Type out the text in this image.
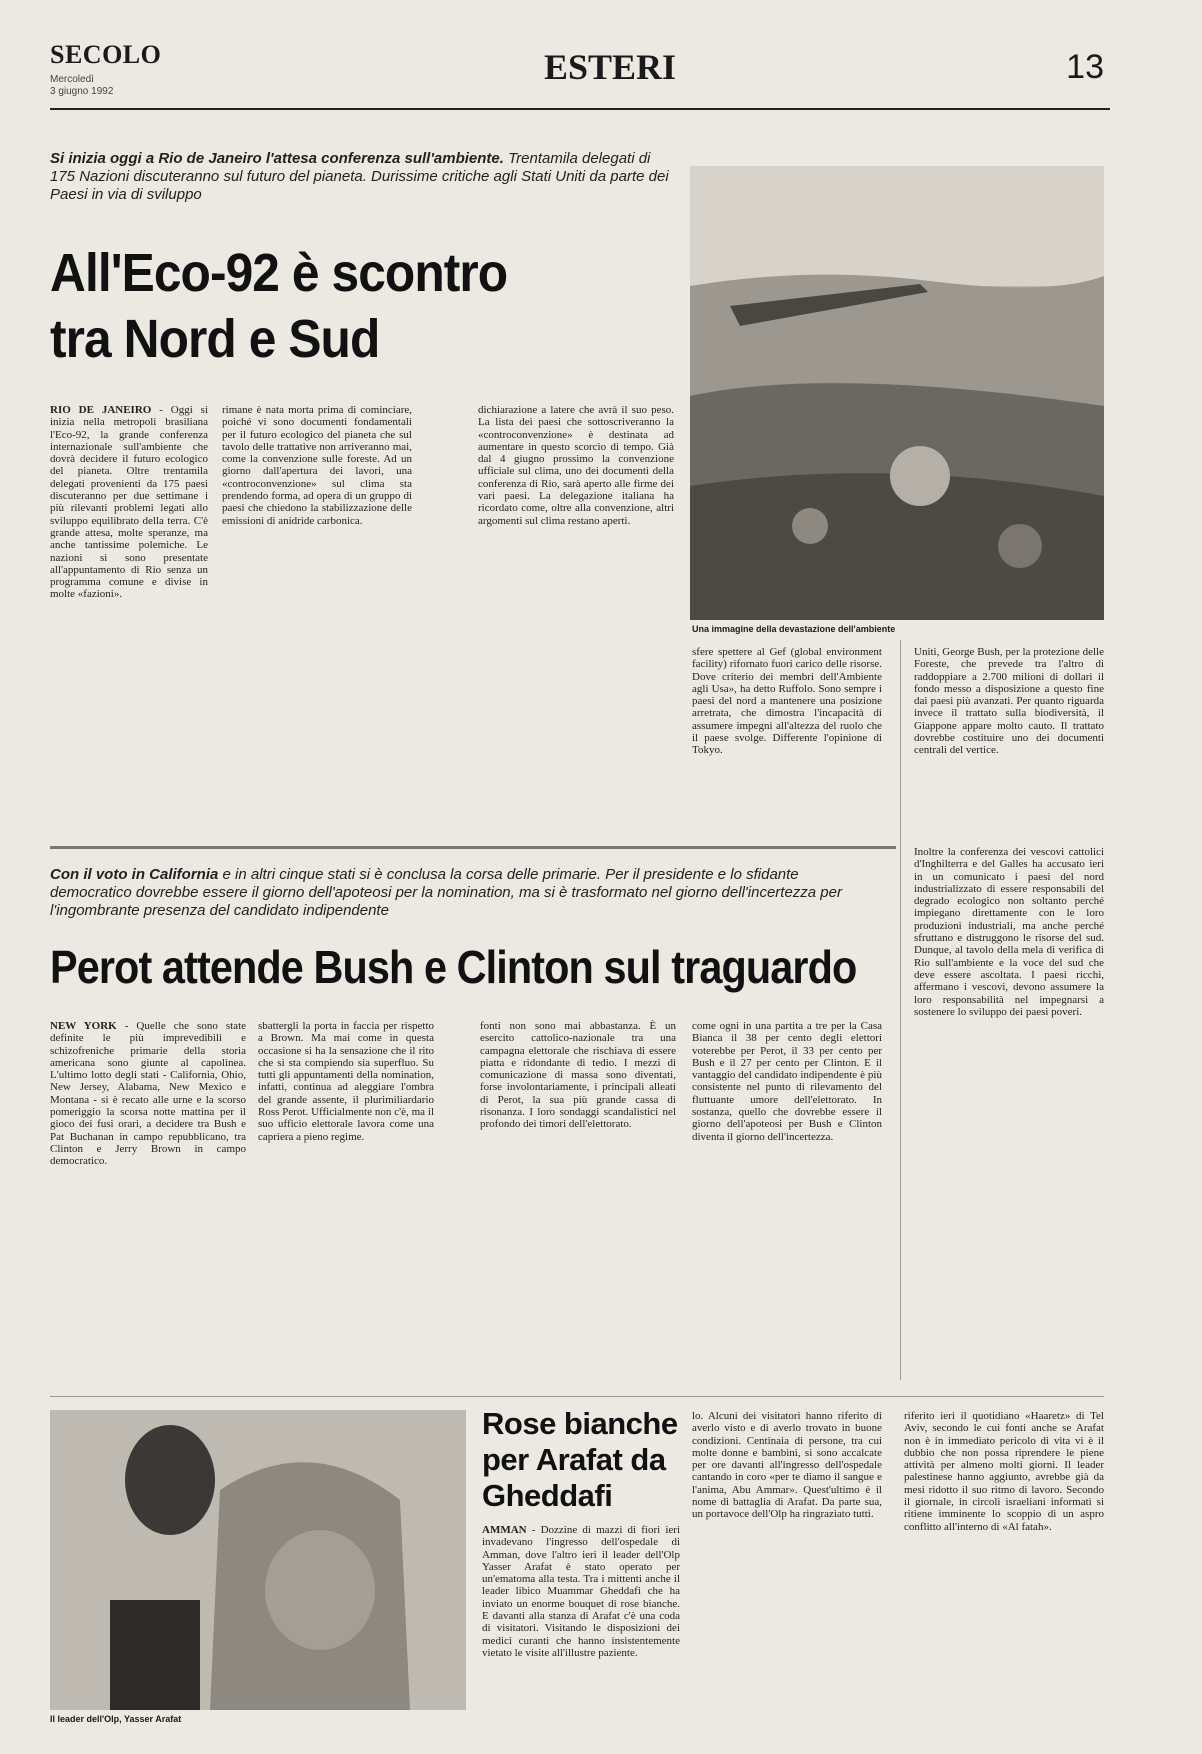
SECOLO
Mercoledì
3 giugno 1992
ESTERI	13
Si inizia oggi a Rio de Janeiro l'attesa conferenza sull'ambiente. Trentamila delegati di 175 Nazioni discuteranno sul futuro del pianeta. Durissime critiche agli Stati Uniti da parte dei Paesi in via di sviluppo
All'Eco-92 è scontro
tra Nord e Sud
Una immagine della devastazione dell'ambiente
RIO DE JANEIRO - Oggi si inizia nella metropoli brasiliana l'Eco-92, la grande conferenza internazionale sull'ambiente che dovrà decidere il futuro ecologico del pianeta. Oltre trentamila delegati provenienti da 175 paesi discuteranno per due settimane i più rilevanti problemi legati allo sviluppo equilibrato della terra. C'è grande attesa, molte speranze, ma anche tantissime polemiche. Le nazioni si sono presentate all'appuntamento di Rio senza un programma comune e divise in molte «fazioni».
rimane è nata morta prima di cominciare, poiché vi sono documenti fondamentali per il futuro ecologico del pianeta che sul tavolo delle trattative non arriveranno mai, come la convenzione sulle foreste. Ad un giorno dall'apertura dei lavori, una «controconvenzione» sul clima sta prendendo forma, ad opera di un gruppo di paesi che chiedono la stabilizzazione delle emissioni di anidride carbonica.
dichiarazione a latere che avrà il suo peso. La lista dei paesi che sottoscriveranno la «controconvenzione» è destinata ad aumentare in questo scorcio di tempo. Già dal 4 giugno prossimo la convenzione ufficiale sul clima, uno dei documenti della conferenza di Rio, sarà aperto alle firme dei vari paesi. La delegazione italiana ha ricordato come, oltre alla convenzione, altri argomenti sul clima restano aperti.
sfere spettere al Gef (global environment facility) rifornato fuori carico delle risorse. Dove criterio dei membri dell'Ambiente agli Usa», ha detto Ruffolo. Sono sempre i paesi del nord a mantenere una posizione arretrata, che dimostra l'incapacità di assumere impegni all'altezza del ruolo che il paese svolge. Differente l'opinione di Tokyo.
Uniti, George Bush, per la protezione delle Foreste, che prevede tra l'altro di raddoppiare a 2.700 milioni di dollari il fondo messo a disposizione a questo fine dai paesi più avanzati. Per quanto riguarda invece il trattato sulla biodiversità, il Giappone appare molto cauto. Il trattato dovrebbe costituire uno dei documenti centrali del vertice.
Con il voto in California e in altri cinque stati si è conclusa la corsa delle primarie. Per il presidente e lo sfidante democratico dovrebbe essere il giorno dell'apoteosi per la nomination, ma si è trasformato nel giorno dell'incertezza per l'ingombrante presenza del candidato indipendente
Perot attende Bush e Clinton sul traguardo
NEW YORK - Quelle che sono state definite le più imprevedibili e schizofreniche primarie della storia americana sono giunte al capolinea. L'ultimo lotto degli stati - California, Ohio, New Jersey, Alabama, New Mexico e Montana - si è recato alle urne e la scorso pomeriggio la scorsa notte mattina per il gioco dei fusi orari, a decidere tra Bush e Pat Buchanan in campo repubblicano, tra Clinton e Jerry Brown in campo democratico.
sbattergli la porta in faccia per rispetto a Brown. Ma mai come in questa occasione si ha la sensazione che il rito che si sta compiendo sia superfluo. Su tutti gli appuntamenti della nomination, infatti, continua ad aleggiare l'ombra del grande assente, il plurimiliardario Ross Perot. Ufficialmente non c'è, ma il suo ufficio elettorale lavora come una capriera a pieno regime.
fonti non sono mai abbastanza. È un esercito cattolico-nazionale tra una campagna elettorale che rischiava di essere piatta e ridondante di tedio. I mezzi di comunicazione di massa sono diventati, forse involontariamente, i principali alleati di Perot, la sua più grande cassa di risonanza. I loro sondaggi scandalistici nel profondo dei timori dell'elettorato.
come ogni in una partita a tre per la Casa Bianca il 38 per cento degli elettori voterebbe per Perot, il 33 per cento per Bush e il 27 per cento per Clinton. E il vantaggio del candidato indipendente è più consistente nel punto di rilevamento del fluttuante umore dell'elettorato. In sostanza, quello che dovrebbe essere il giorno dell'apoteosi per Bush e Clinton diventa il giorno dell'incertezza.
Inoltre la conferenza dei vescovi cattolici d'Inghilterra e del Galles ha accusato ieri in un comunicato i paesi del nord industrializzato di essere responsabili del degrado ecologico non soltanto perché impiegano direttamente con le loro produzioni industriali, ma anche perché sfruttano e distruggono le risorse del sud. Dunque, al tavolo della mela di verifica di Rio sull'ambiente e la voce del sud che deve essere ascoltata. I paesi ricchi, affermano i vescovi, devono assumere la loro responsabilità nel impegnarsi a sostenere lo sviluppo dei paesi poveri.
Il leader dell'Olp, Yasser Arafat
Rose bianche per Arafat da Gheddafi
AMMAN - Dozzine di mazzi di fiori ieri invadevano l'ingresso dell'ospedale di Amman, dove l'altro ieri il leader dell'Olp Yasser Arafat è stato operato per un'ematoma alla testa. Tra i mittenti anche il leader libico Muammar Gheddafi che ha inviato un enorme bouquet di rose bianche. E davanti alla stanza di Arafat c'è una coda di visitatori. Visitando le disposizioni dei medici curanti che hanno insistentemente vietato le visite all'illustre paziente.
lo. Alcuni dei visitatori hanno riferito di averlo visto e di averlo trovato in buone condizioni. Centinaia di persone, tra cui molte donne e bambini, si sono accalcate per ore davanti all'ingresso dell'ospedale cantando in coro «per te diamo il sangue e l'anima, Abu Ammar». Quest'ultimo è il nome di battaglia di Arafat. Da parte sua, un portavoce dell'Olp ha ringraziato tutti.
riferito ieri il quotidiano «Haaretz» di Tel Aviv, secondo le cui fonti anche se Arafat non è in immediato pericolo di vita vi è il dubbio che non possa riprendere le piene attività per almeno molti giorni. Il leader palestinese hanno aggiunto, avrebbe già da mesi ridotto il suo ritmo di lavoro. Secondo il giornale, in circoli israeliani informati si ritiene imminente lo scoppio di un aspro conflitto all'interno di «Al fatah».
